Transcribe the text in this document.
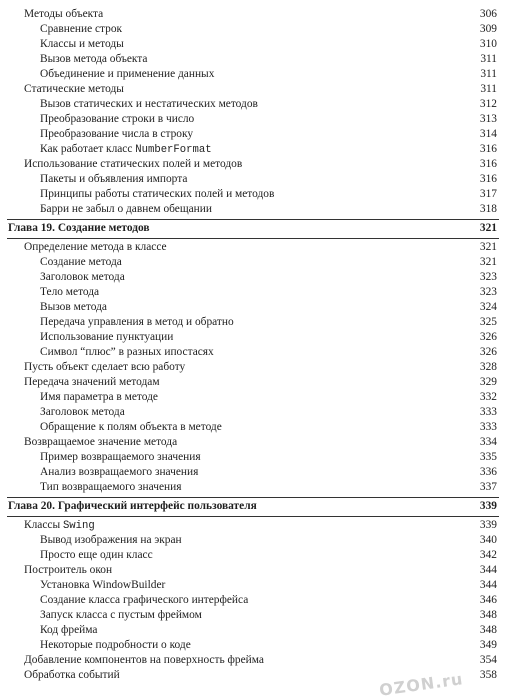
Методы объекта	306
Сравнение строк	309
Классы и методы	310
Вызов метода объекта	311
Объединение и применение данных	311
Статические методы	311
Вызов статических и нестатических методов	312
Преобразование строки в число	313
Преобразование числа в строку	314
Как работает класс NumberFormat	316
Использование статических полей и методов	316
Пакеты и объявления импорта	316
Принципы работы статических полей и методов	317
Барри не забыл о давнем обещании	318
Глава 19. Создание методов	321
Определение метода в классе	321
Создание метода	321
Заголовок метода	323
Тело метода	323
Вызов метода	324
Передача управления в метод и обратно	325
Использование пунктуации	326
Символ “плюс” в разных ипостасях	326
Пусть объект сделает всю работу	328
Передача значений методам	329
Имя параметра в методе	332
Заголовок метода	333
Обращение к полям объекта в методе	333
Возвращаемое значение метода	334
Пример возвращаемого значения	335
Анализ возвращаемого значения	336
Тип возвращаемого значения	337
Глава 20. Графический интерфейс пользователя	339
Классы Swing	339
Вывод изображения на экран	340
Просто еще один класс	342
Построитель окон	344
Установка WindowBuilder	344
Создание класса графического интерфейса	346
Запуск класса с пустым фреймом	348
Код фрейма	348
Некоторые подробности о коде	349
Добавление компонентов на поверхность фрейма	354
Обработка событий	358
OZON.ru
